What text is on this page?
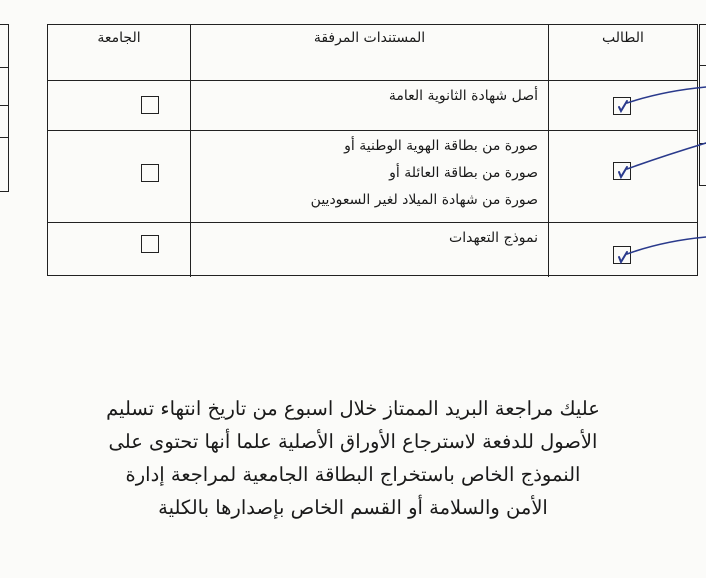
الطالب
المستندات المرفقة
الجامعة
أصل شهادة الثانوية العامة
صورة من بطاقة الهوية الوطنية أو
صورة من بطاقة العائلة أو
صورة من شهادة الميلاد لغير السعوديين
نموذج التعهدات
عليك مراجعة البريد الممتاز خلال اسبوع من تاريخ انتهاء تسليم
الأصول للدفعة لاسترجاع الأوراق الأصلية علما أنها تحتوى على
النموذج الخاص باستخراج البطاقة الجامعية لمراجعة إدارة
الأمن والسلامة أو القسم الخاص بإصدارها بالكلية
